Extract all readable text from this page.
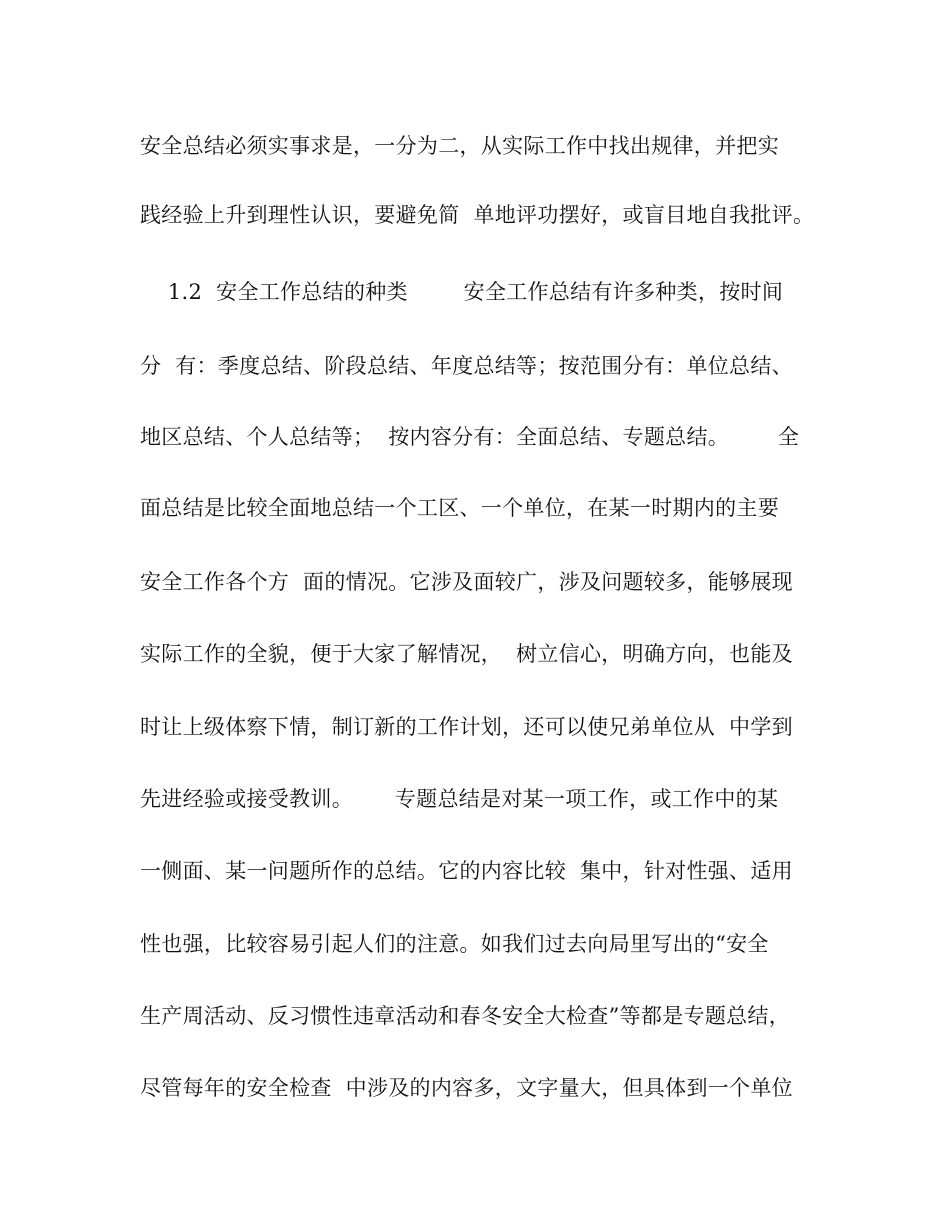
安全总结必须实事求是，一分为二，从实际工作中找出规律，并把实
践经验上升到理性认识，要避免简  单地评功摆好，或盲目地自我批评。
1.2  安全工作总结的种类        安全工作总结有许多种类，按时间
分  有：季度总结、阶段总结、年度总结等；按范围分有：单位总结、
地区总结、个人总结等；  按内容分有：全面总结、专题总结。       全
面总结是比较全面地总结一个工区、一个单位，在某一时期内的主要
安全工作各个方  面的情况。它涉及面较广，涉及问题较多，能够展现
实际工作的全貌，便于大家了解情况，  树立信心，明确方向，也能及
时让上级体察下情，制订新的工作计划，还可以使兄弟单位从  中学到
先进经验或接受教训。      专题总结是对某一项工作，或工作中的某
一侧面、某一问题所作的总结。它的内容比较  集中，针对性强、适用
性也强，比较容易引起人们的注意。如我们过去向局里写出的“安全
生产周活动、反习惯性违章活动和春冬安全大检查”等都是专题总结，
尽管每年的安全检查  中涉及的内容多，文字量大，但具体到一个单位
